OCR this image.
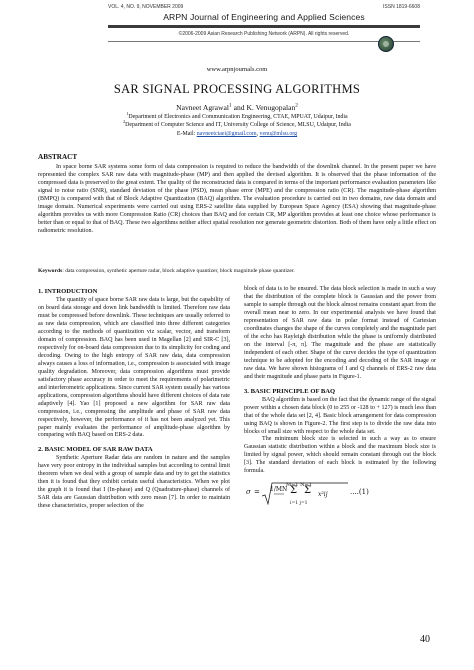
VOL. 4, NO. 9, NOVEMBER 2009	ISSN 1819-6608
ARPN Journal of Engineering and Applied Sciences
©2006-2009 Asian Research Publishing Network (ARPN). All rights reserved.
www.arpnjournals.com
SAR SIGNAL PROCESSING ALGORITHMS
Navneet Agrawal$^1$ and K. Venugopalan$^2$
$^1$Department of Electronics and Communication Engineering, CTAE, MPUAT, Udaipur, India
$^2$Department of Computer Science and IT, University College of Science, MLSU, Udaipur, India
E-Mail: navneetctaei@gmail.com, venu@mlsu.org
ABSTRACT
In space borne SAR systems some form of data compression is required to reduce the bandwidth of the downlink channel. In the present paper we have represented the complex SAR raw data with magnitude-phase (MP) and then applied the devised algorithm. It is observed that the phase information of the compressed data is preserved to the great extent. The quality of the reconstructed data is compared in terms of the important performance evaluation parameters like signal to noise ratio (SNR), standard deviation of the phase (PSD), mean phase error (MPE) and the compression ratio (CR). The magnitude-phase algorithm (BMPQ) is compared with that of Block Adaptive Quantization (BAQ) algorithm. The evaluation procedure is carried out in two domains, raw data domain and image domain. Numerical experiments were carried out using ERS-2 satellite data supplied by European Space Agency (ESA) showing that magnitude-phase algorithm provides us with more Compression Ratio (CR) choices than BAQ and for certain CR, MP algorithm provides at least one choice whose performance is better than or equal to that of BAQ. These two algorithms neither affect spatial resolution nor generate geometric distortion. Both of them have only a little effect on radiometric resolution.
Keywords: data compression, synthetic aperture radar, block adaptive quantizer, block magnitude phase quantizer.
1. INTRODUCTION
The quantity of space borne SAR raw data is large, but the capability of on board data storage and down link bandwidth is limited. Therefore raw data must be compressed before downlink. These techniques are usually referred to as raw data compression, which are classified into three different categories according to the methods of quantization viz scalar, vector, and transform domain of compression. BAQ has been used in Magellan [2] and SIR-C [3], respectively for on-board data compression due to its simplicity for coding and decoding. Owing to the high entropy of SAR raw data, data compression always causes a loss of information, i.e., compression is associated with image quality degradation. Moreover, data compression algorithms must provide satisfactory phase accuracy in order to meet the requirements of polarimetric and interferometric applications. Since current SAR system usually has various applications, compression algorithms should have different choices of data rate adaptively [4]. Yao [1] proposed a new algorithm for SAR raw data compression, i.e., compressing the amplitude and phase of SAR raw data respectively, however, the performance of it has not been analyzed yet. This paper mainly evaluates the performance of amplitude-phase algorithm by comparing with BAQ based on ERS-2 data.
2. BASIC MODEL OF SAR RAW DATA
Synthetic Aperture Radar data are random in nature and the samples have very poor entropy in the individual samples but according to central limit theorem when we deal with a group of sample data and try to get the statistics then it is found that they exhibit certain useful characteristics. When we plot the graph it is found that I (In-phase) and Q (Quadrature-phase) channels of SAR data are Gaussian distribution with zero mean [7]. In order to maintain these characteristics, proper selection of the
block of data is to be ensured. The data block selection is made in such a way that the distribution of the complete block is Gaussian and the power from sample to sample through out the block almost remains constant apart from the overall mean near to zero. In our experimental analysis we have found that representation of SAR raw data in polar format instead of Cartesian coordinates changes the shape of the curves completely and the magnitude part of the echo has Rayleigh distribution while the phase is uniformly distributed on the interval [-π, π]. The magnitude and the phase are statistically independent of each other. Shape of the curve decides the type of quantization technique to be adopted for the encoding and decoding of the SAR image or raw data. We have shown histograms of I and Q channels of ERS-2 raw data and their magnitude and phase parts in Figure-1.
3. BASIC PRINCIPLE OF BAQ
BAQ algorithm is based on the fact that the dynamic range of the signal power within a chosen data block (0 to 255 or -128 to + 127) is much less than that of the whole data set [2, 4]. Basic block arrangement for data compression using BAQ is shown in Figure-2. The first step is to divide the raw data into blocks of small size with respect to the whole data set.
The minimum block size is selected in such a way as to ensure Gaussian statistic distribution within a block and the maximum block size is limited by signal power, which should remain constant through out the block [3]. The standard deviation of each block is estimated by the following formula.
σ =
M−1 N−1
1/MN Σ Σ x²ij
i=1 j=1
....(1)
40
